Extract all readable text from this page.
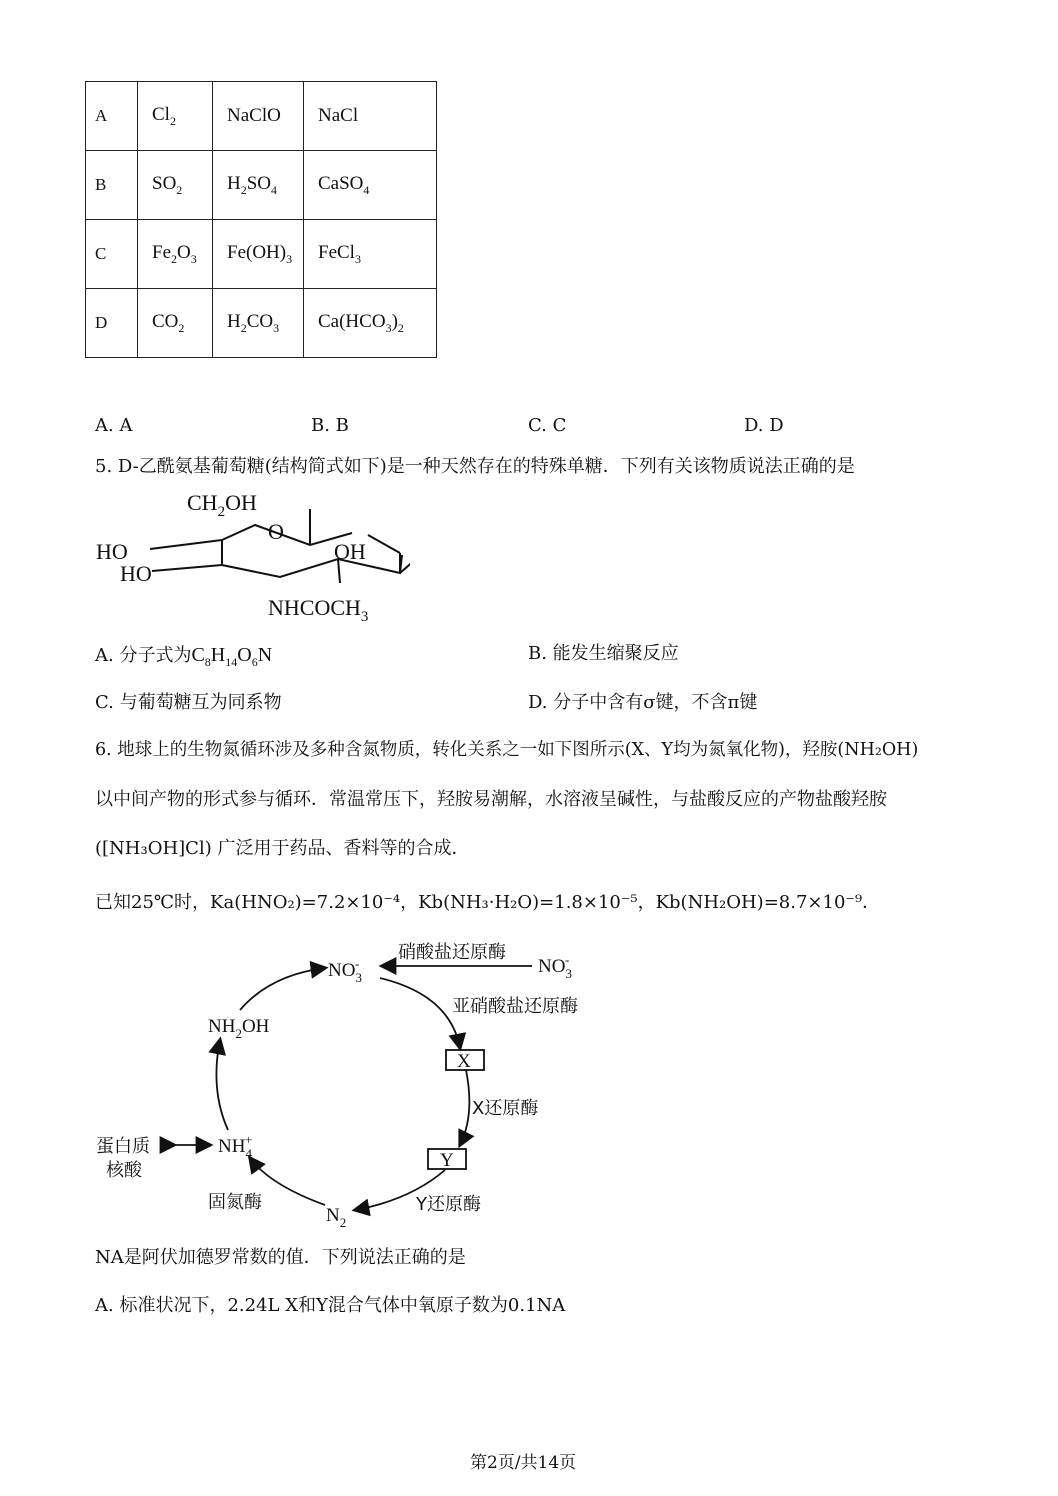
A	$Cl_2$	NaClO	NaCl
B	$SO_2$	$H_2SO_4$	CaSO$_4$
C	$Fe_2O_3$	$Fe(OH)_3$	FeCl$_3$
D	$CO_2$	$H_2CO_3$	$Ca(HCO_3)_2$
A. A	B. B	C. C	D. D
5. D-乙酰氨基葡萄糖(结构简式如下)是一种天然存在的特殊单糖．下列有关该物质说法正确的是
$CH_2OH$
O
HO
HO
OH
$NHCOCH_3$
A. 分子式为$C_8H_{14}O_6N$	B. 能发生缩聚反应
C. 与葡萄糖互为同系物	D. 分子中含有σ键，不含π键
6. 地球上的生物氮循环涉及多种含氮物质，转化关系之一如下图所示(X、Y均为氮氧化物)，羟胺(NH₂OH)
以中间产物的形式参与循环．常温常压下，羟胺易潮解，水溶液呈碱性，与盐酸反应的产物盐酸羟胺
([NH₃OH]Cl) 广泛用于药品、香料等的合成．
已知25℃时，Ka(HNO₂)=7.2×10⁻⁴，Kb(NH₃·H₂O)=1.8×10⁻⁵，Kb(NH₂OH)=8.7×10⁻⁹．
$NO_3-$
$NO_3-$
X
Y
$N_2$
$NH_4+$
$NH_2OH$
硝酸盐还原酶
亚硝酸盐还原酶
X还原酶
Y还原酶
固氮酶
蛋白质
核酸
NA是阿伏加德罗常数的值．下列说法正确的是
A. 标准状况下，2.24L X和Y混合气体中氧原子数为0.1NA
第2页/共14页
